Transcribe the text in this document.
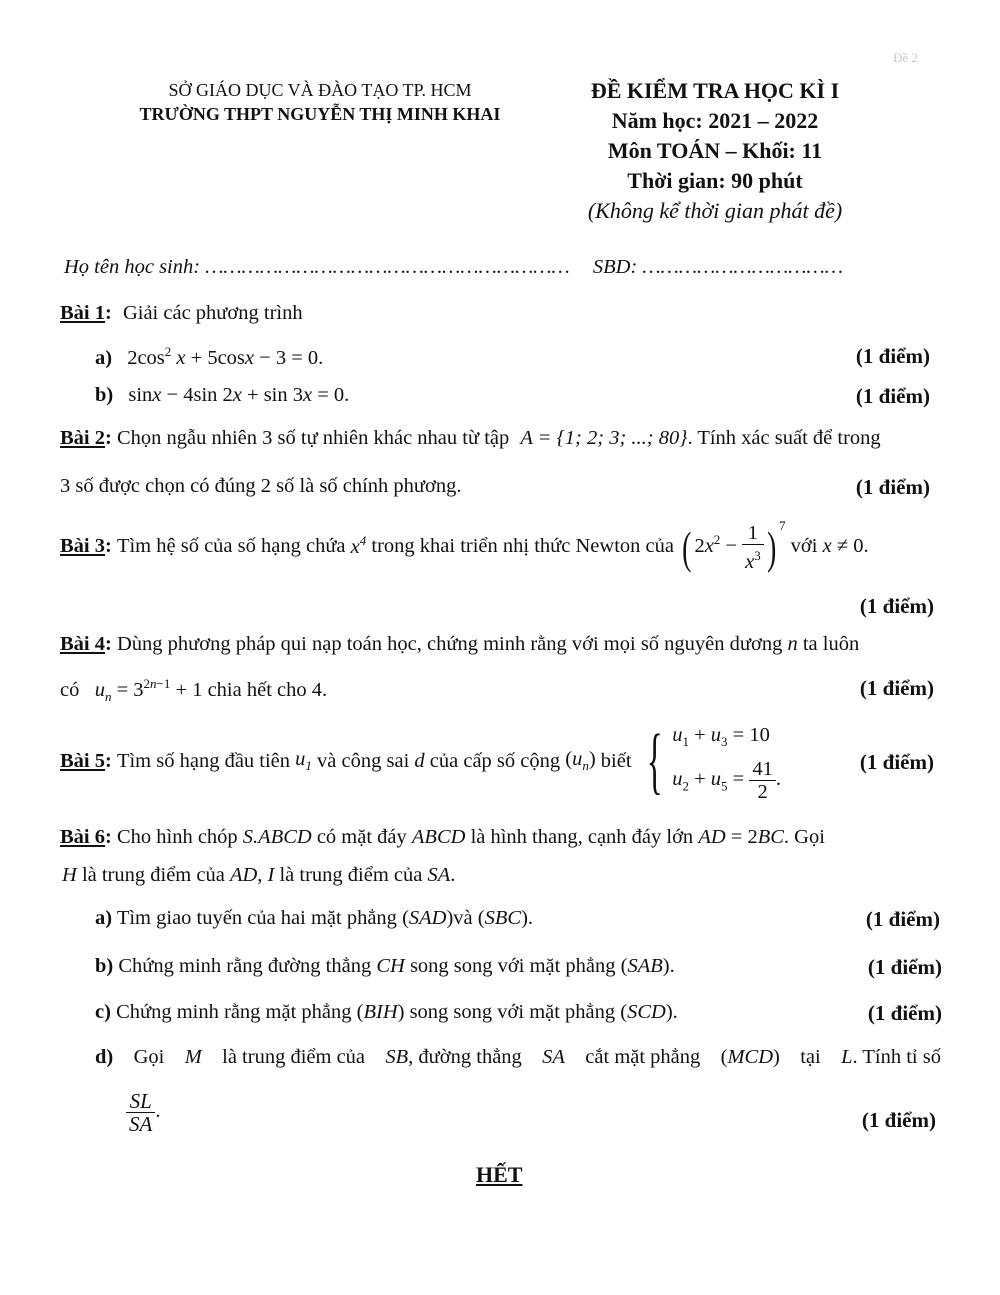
Đề 2
SỞ GIÁO DỤC VÀ ĐÀO TẠO TP. HCM
TRƯỜNG THPT NGUYỄN THỊ MINH KHAI
ĐỀ KIỂM TRA HỌC KÌ I
Năm học: 2021 – 2022
Môn TOÁN – Khối: 11
Thời gian: 90 phút
(Không kể thời gian phát đề)
Họ tên học sinh: …………………………………………………… SBD: ……………………………
Bài 1: Giải các phương trình
a) $2\cos^2$ x + 5cosx − 3 = 0.	(1 điểm)
b) sinx − 4sin 2x + sin 3x = 0.	(1 điểm)
Bài 2: Chọn ngẫu nhiên 3 số tự nhiên khác nhau từ tập A = {1; 2; 3; ...; 80}. Tính xác suất để trong
3 số được chọn có đúng 2 số là số chính phương.	(1 điểm)
Bài 3 :
Tìm hệ số của số hạng chứa
$x^4$
trong khai triển nhị thức Newton của
( $2x^2 - \frac{1}{x^3}$ ) $^7$

với
x ≠ 0.
(1 điểm)
Bài 4: Dùng phương pháp qui nạp toán học, chứng minh rằng với mọi số nguyên dương n ta luôn
có $u_n = 3^{2n-1} + 1$ chia hết cho 4.	(1 điểm)
Bài 5 :
Tìm số hạng đầu tiên
$u_1$
và công sai
d
của cấp số cộng
$(u_n)$
biết
{ $u_1 + u_3 = 10$
$u_2 + u_5 = \frac{41}{2}$ .
(1 điểm)
Bài 6: Cho hình chóp S.ABCD có mặt đáy ABCD là hình thang, cạnh đáy lớn AD = 2BC. Gọi
H là trung điểm của AD, I là trung điểm của SA.
a) Tìm giao tuyến của hai mặt phẳng (SAD)và (SBC).	(1 điểm)
b) Chứng minh rằng đường thẳng CH song song với mặt phẳng (SAB).	(1 điểm)
c) Chứng minh rằng mặt phẳng (BIH) song song với mặt phẳng (SCD).	(1 điểm)
d) Gọi M là trung điểm của SB, đường thẳng SA cắt mặt phẳng (MCD) tại L. Tính tỉ số
$\frac{SL}{SA}$ .	(1 điểm)
HẾT
